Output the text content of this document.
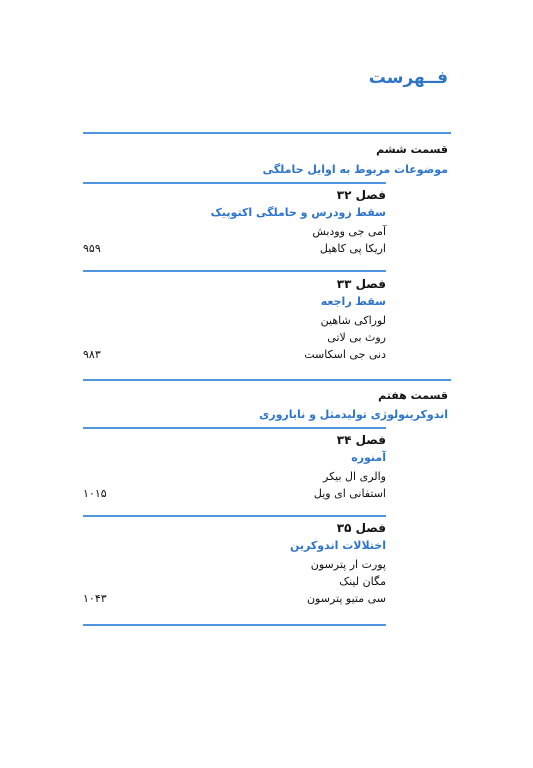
فــهرست
قسمت ششم
موضوعات مربوط به اوایل حاملگی

فصل ۳۲

سقط زودرس و حاملگی اکتوپیک

آمی جی وودبش
اریکا پی کاهیل
۹۵۹

فصل ۳۳

سقط راجعه

لوراکی شاهین
روث بی لاتی
دنی جی اسکاست
۹۸۳
قسمت هفتم
اندوکرینولوژی تولیدمثل و ناباروری

فصل ۳۴

آمنوره

والری ال بیکر
استفانی ای ویل
۱۰۱۵

فصل ۳۵

اختلالات اندوکرین

پورت ار پترسون
مگان لینک
سی متیو پترسون
۱۰۴۳
